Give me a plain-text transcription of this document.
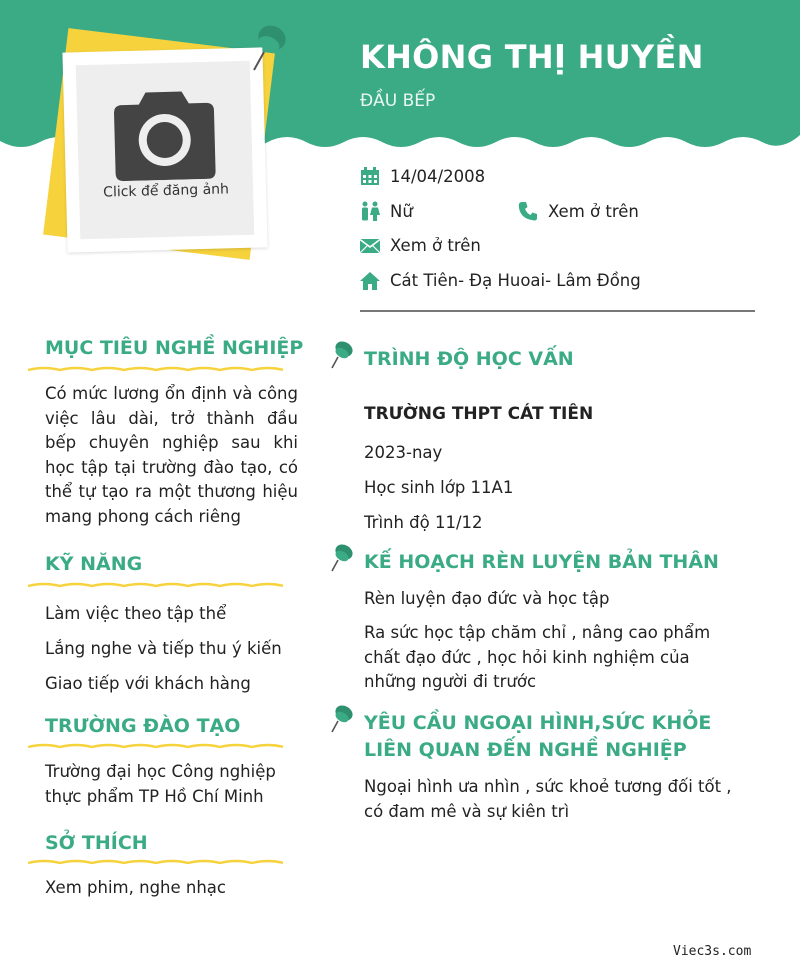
Click để đăng ảnh
KHÔNG THỊ HUYỀN
ĐẦU BẾP
14/04/2008
Nữ	Xem ở trên
Xem ở trên
Cát Tiên- Đạ Huoai- Lâm Đồng
MỤC TIÊU NGHỀ NGHIỆP
Có mức lương ổn định và công việc lâu dài, trở thành đầu bếp chuyên nghiệp sau khi học tập tại trường đào tạo, có thể tự tạo ra một thương hiệu mang phong cách riêng
KỸ NĂNG
Làm việc theo tập thể
Lắng nghe và tiếp thu ý kiến
Giao tiếp với khách hàng
TRƯỜNG ĐÀO TẠO
Trường đại học Công nghiệp thực phẩm TP Hồ Chí Minh
SỞ THÍCH
Xem phim, nghe nhạc
TRÌNH ĐỘ HỌC VẤN
TRƯỜNG THPT CÁT TIÊN
2023-nay
Học sinh lớp 11A1
Trình độ 11/12
KẾ HOẠCH RÈN LUYỆN BẢN THÂN
Rèn luyện đạo đức và học tập
Ra sức học tập chăm chỉ , nâng cao phẩm chất đạo đức , học hỏi kinh nghiệm của những người đi trước
YÊU CẦU NGOẠI HÌNH,SỨC KHỎE LIÊN QUAN ĐẾN NGHỀ NGHIỆP
Ngoại hình ưa nhìn , sức khoẻ tương đối tốt , có đam mê và sự kiên trì
Viec3s.com
